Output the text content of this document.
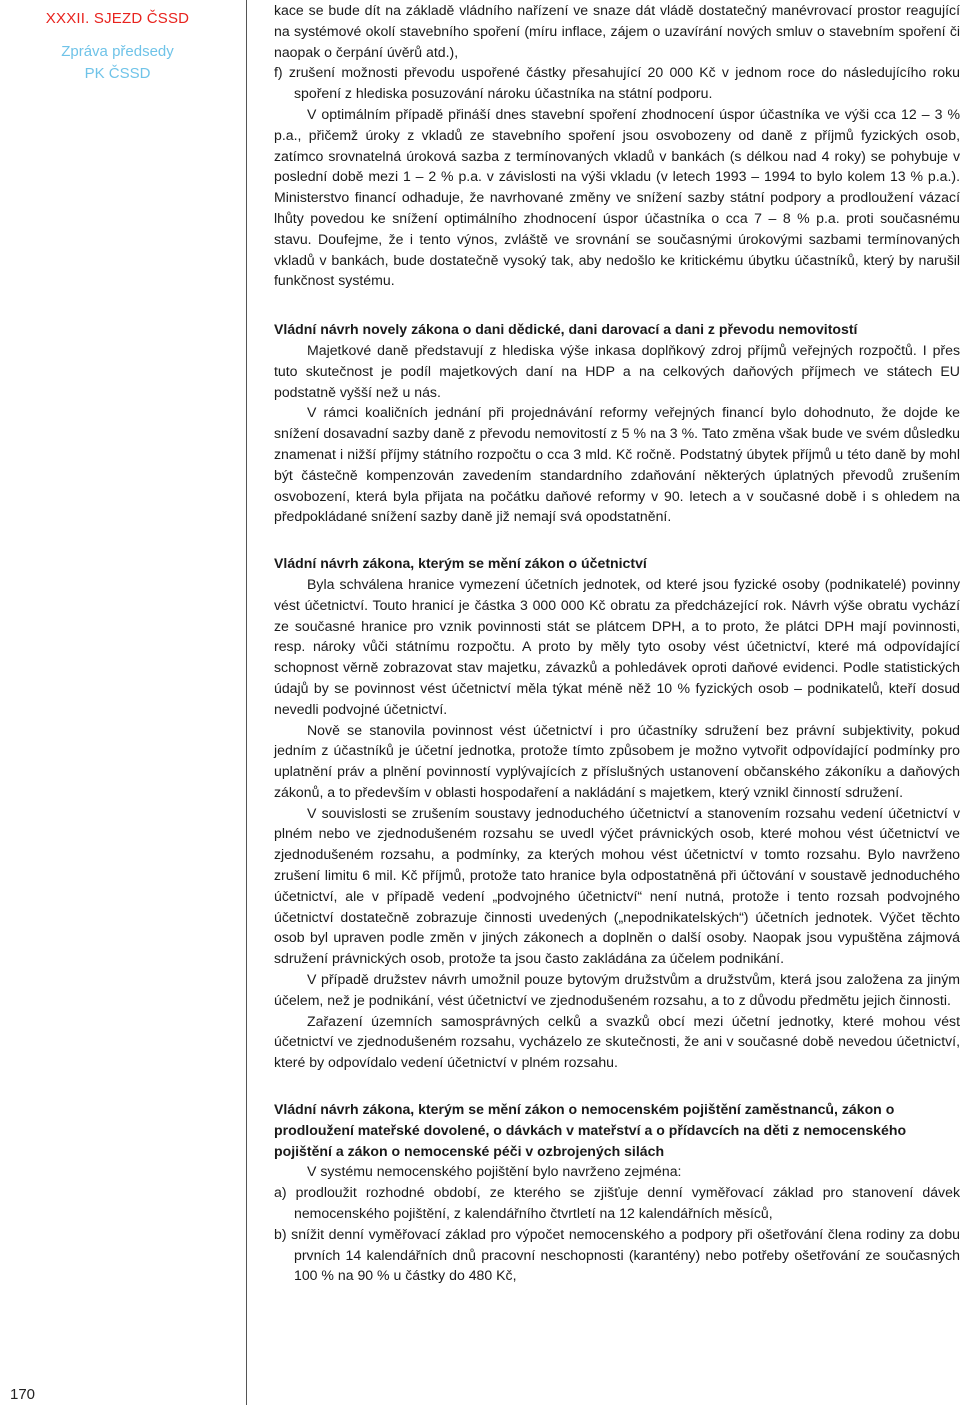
XXXII. SJEZD ČSSD
Zpráva předsedy
PK ČSSD
170

kace se bude dít na základě vládního nařízení ve snaze dát vládě dostatečný manévrovací prostor reagující na systémové okolí stavebního spoření (míru inflace, zájem o uzavírání nových smluv o stavebním spoření či naopak o čerpání úvěrů atd.),

f) zrušení možnosti převodu uspořené částky přesahující 20 000 Kč v jednom roce do následujícího roku spoření z hlediska posuzování nároku účastníka na státní podporu.

V optimálním případě přináší dnes stavební spoření zhodnocení úspor účastníka ve výši cca 12 – 3 % p.a., přičemž úroky z vkladů ze stavebního spoření jsou osvobozeny od daně z příjmů fyzických osob, zatímco srovnatelná úroková sazba z termínovaných vkladů v bankách (s délkou nad 4 roky) se pohybuje v poslední době mezi 1 – 2 % p.a. v závislosti na výši vkladu (v letech 1993 – 1994 to bylo kolem 13 % p.a.). Ministerstvo financí odhaduje, že navrhované změny ve snížení sazby státní podpory a prodloužení vázací lhůty povedou ke snížení optimálního zhodnocení úspor účastníka o cca 7 – 8 % p.a. proti současnému stavu. Doufejme, že i tento výnos, zvláště ve srovnání se současnými úrokovými sazbami termínovaných vkladů v bankách, bude dostatečně vysoký tak, aby nedošlo ke kritickému úbytku účastníků, který by narušil funkčnost systému.

Vládní návrh novely zákona o dani dědické, dani darovací a dani z převodu nemovitostí

Majetkové daně představují z hlediska výše inkasa doplňkový zdroj příjmů veřejných rozpočtů. I přes tuto skutečnost je podíl majetkových daní na HDP a na celkových daňových příjmech ve státech EU podstatně vyšší než u nás.

V rámci koaličních jednání při projednávání reformy veřejných financí bylo dohodnuto, že dojde ke snížení dosavadní sazby daně z převodu nemovitostí z 5 % na 3 %. Tato změna však bude ve svém důsledku znamenat i nižší příjmy státního rozpočtu o cca 3 mld. Kč ročně. Podstatný úbytek příjmů u této daně by mohl být částečně kompenzován zavedením standardního zdaňování některých úplatných převodů zrušením osvobození, která byla přijata na počátku daňové reformy v 90. letech a v současné době i s ohledem na předpokládané snížení sazby daně již nemají svá opodstatnění.

Vládní návrh zákona, kterým se mění zákon o účetnictví

Byla schválena hranice vymezení účetních jednotek, od které jsou fyzické osoby (podnikatelé) povinny vést účetnictví. Touto hranicí je částka 3 000 000 Kč obratu za předcházející rok. Návrh výše obratu vychází ze současné hranice pro vznik povinnosti stát se plátcem DPH, a to proto, že plátci DPH mají povinnosti, resp. nároky vůči státnímu rozpočtu. A proto by měly tyto osoby vést účetnictví, které má odpovídající schopnost věrně zobrazovat stav majetku, závazků a pohledávek oproti daňové evidenci. Podle statistických údajů by se povinnost vést účetnictví měla týkat méně něž 10 % fyzických osob – podnikatelů, kteří dosud nevedli podvojné účetnictví.

Nově se stanovila povinnost vést účetnictví i pro účastníky sdružení bez právní subjektivity, pokud jedním z účastníků je účetní jednotka, protože tímto způsobem je možno vytvořit odpovídající podmínky pro uplatnění práv a plnění povinností vyplývajících z příslušných ustanovení občanského zákoníku a daňových zákonů, a to především v oblasti hospodaření a nakládání s majetkem, který vznikl činností sdružení.

V souvislosti se zrušením soustavy jednoduchého účetnictví a stanovením rozsahu vedení účetnictví v plném nebo ve zjednodušeném rozsahu se uvedl výčet právnických osob, které mohou vést účetnictví ve zjednodušeném rozsahu, a podmínky, za kterých mohou vést účetnictví v tomto rozsahu. Bylo navrženo zrušení limitu 6 mil. Kč příjmů, protože tato hranice byla odpostatněná při účtování v soustavě jednoduchého účetnictví, ale v případě vedení „podvojného účetnictví“ není nutná, protože i tento rozsah podvojného účetnictví dostatečně zobrazuje činnosti uvedených („nepodnikatelských“) účetních jednotek. Výčet těchto osob byl upraven podle změn v jiných zákonech a doplněn o další osoby. Naopak jsou vypuštěna zájmová sdružení právnických osob, protože ta jsou často zakládána za účelem podnikání.

V případě družstev návrh umožnil pouze bytovým družstvům a družstvům, která jsou založena za jiným účelem, než je podnikání, vést účetnictví ve zjednodušeném rozsahu, a to z důvodu předmětu jejich činnosti.

Zařazení územních samosprávných celků a svazků obcí mezi účetní jednotky, které mohou vést účetnictví ve zjednodušeném rozsahu, vycházelo ze skutečnosti, že ani v současné době nevedou účetnictví, které by odpovídalo vedení účetnictví v plném rozsahu.

Vládní návrh zákona, kterým se mění zákon o nemocenském pojištění zaměstnanců, zákon o prodloužení mateřské dovolené, o dávkách v mateřství a o přídavcích na děti z nemocenského pojištění a zákon o nemocenské péči v ozbrojených silách

V systému nemocenského pojištění bylo navrženo zejména:

a) prodloužit rozhodné období, ze kterého se zjišťuje denní vyměřovací základ pro stanovení dávek nemocenského pojištění, z kalendářního čtvrtletí na 12 kalendářních měsíců,

b) snížit denní vyměřovací základ pro výpočet nemocenského a podpory při ošetřování člena rodiny za dobu prvních 14 kalendářních dnů pracovní neschopnosti (karantény) nebo potřeby ošetřování ze současných 100 % na 90 % u částky do 480 Kč,
